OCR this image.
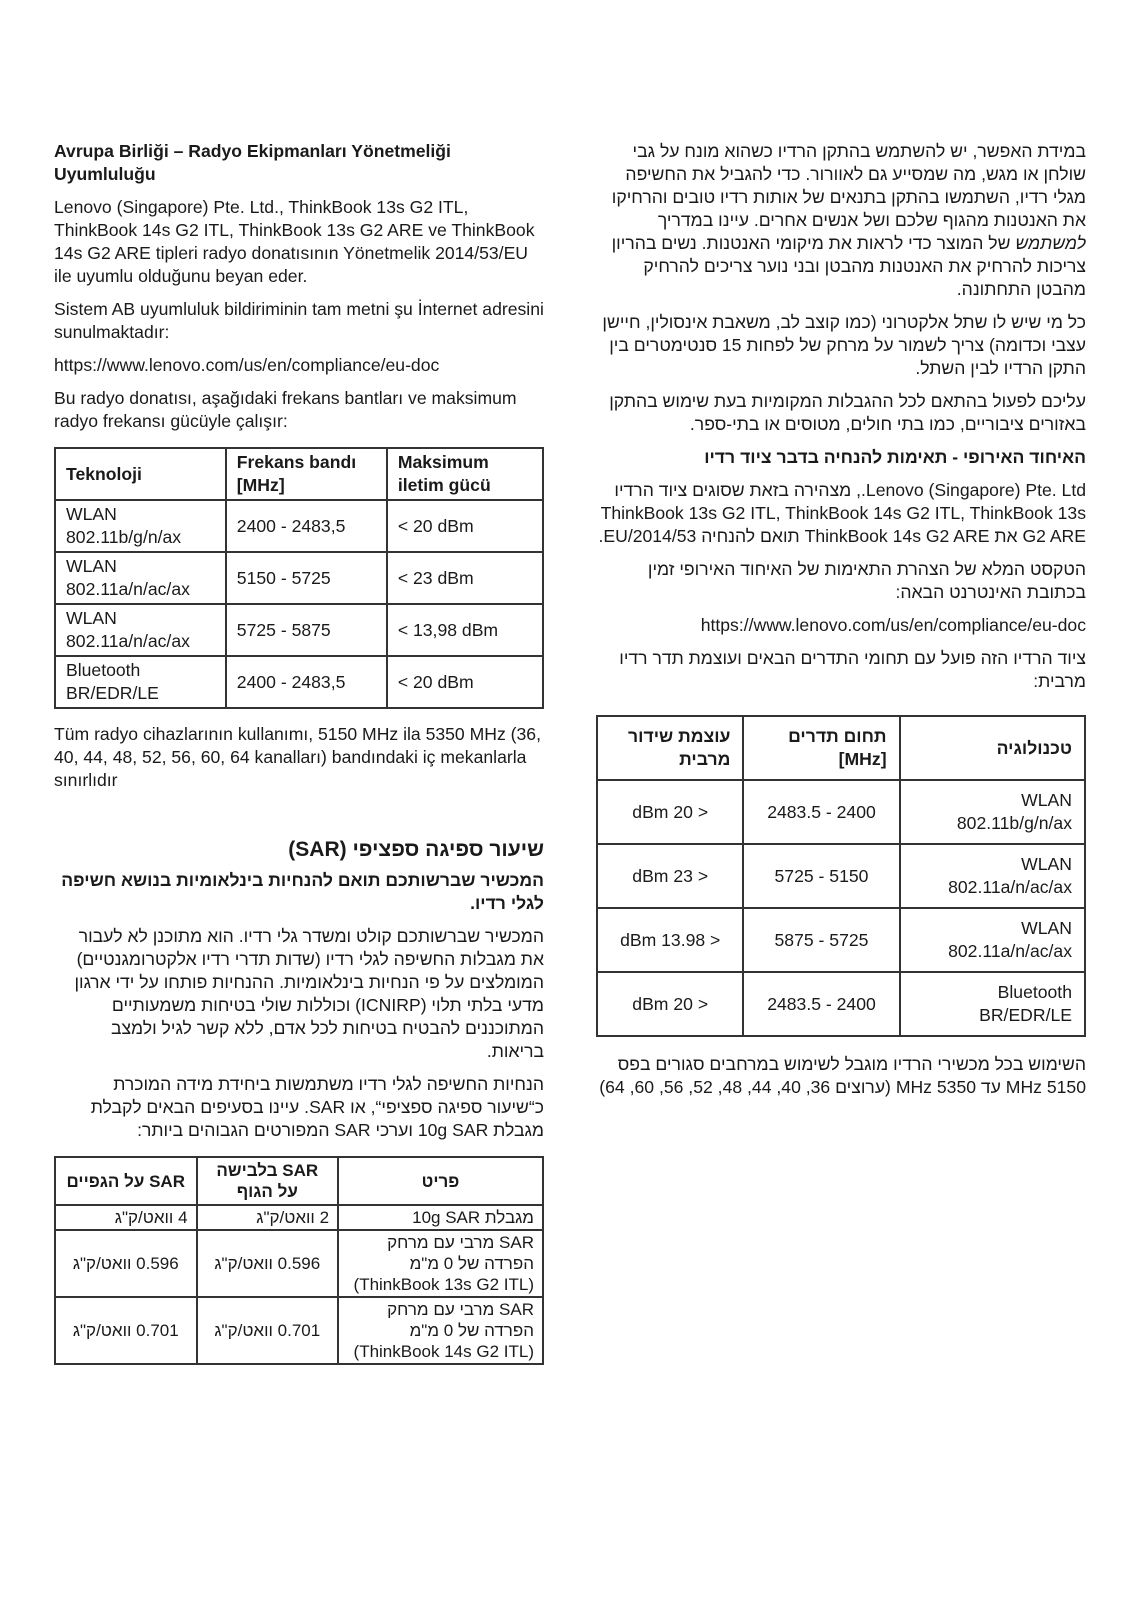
Avrupa Birliği – Radyo Ekipmanları Yönetmeliği Uyumluluğu

Lenovo (Singapore) Pte. Ltd., ThinkBook 13s G2 ITL, ThinkBook 14s G2 ITL, ThinkBook 13s G2 ARE ve ThinkBook 14s G2 ARE tipleri radyo donatısının Yönetmelik 2014/53/EU ile uyumlu olduğunu beyan eder.

Sistem AB uyumluluk bildiriminin tam metni şu İnternet adresini sunulmaktadır:

https://www.lenovo.com/us/en/compliance/eu-doc

Bu radyo donatısı, aşağıdaki frekans bantları ve maksimum radyo frekansı gücüyle çalışır:

Teknoloji	Frekans bandı [MHz]	Maksimum iletim gücü
WLAN 802.11b/g/n/ax	2400 - 2483,5	< 20 dBm
WLAN 802.11a/n/ac/ax	5150 - 5725	< 23 dBm
WLAN 802.11a/n/ac/ax	5725 - 5875	< 13,98 dBm
Bluetooth BR/EDR/LE	2400 - 2483,5	< 20 dBm

Tüm radyo cihazlarının kullanımı, 5150 MHz ila 5350 MHz (36, 40, 44, 48, 52, 56, 60, 64 kanalları) bandındaki iç mekanlarla sınırlıdır

שיעור ספיגה ספציפי (SAR)

המכשיר שברשותכם תואם להנחיות בינלאומיות בנושא חשיפה לגלי רדיו.

המכשיר שברשותכם קולט ומשדר גלי רדיו. הוא מתוכנן לא לעבור את מגבלות החשיפה לגלי רדיו (שדות תדרי רדיו אלקטרומגנטיים) המומלצים על פי הנחיות בינלאומיות. ההנחיות פותחו על ידי ארגון מדעי בלתי תלוי (ICNIRP) וכוללות שולי בטיחות משמעותיים המתוכננים להבטיח בטיחות לכל אדם, ללא קשר לגיל ולמצב בריאות.

הנחיות החשיפה לגלי רדיו משתמשות ביחידת מידה המוכרת כ“שיעור ספיגה ספציפי“, או SAR. עיינו בסעיפים הבאים לקבלת מגבלת 10g SAR וערכי SAR המפורטים הגבוהים ביותר:

פריט	SAR בלבישה על הגוף	SAR על הגפיים
מגבלת 10g SAR	2 וואט/ק"ג	4 וואט/ק"ג
SAR מרבי עם מרחק הפרדה של 0 מ"מ (ThinkBook 13s G2 ITL)	0.596 וואט/ק"ג	0.596 וואט/ק"ג
SAR מרבי עם מרחק הפרדה של 0 מ"מ (ThinkBook 14s G2 ITL)	0.701 וואט/ק"ג	0.701 וואט/ק"ג

במידת האפשר, יש להשתמש בהתקן הרדיו כשהוא מונח על גבי שולחן או מגש, מה שמסייע גם לאוורור. כדי להגביל את החשיפה מגלי רדיו, השתמשו בהתקן בתנאים של אותות רדיו טובים והרחיקו את האנטנות מהגוף שלכם ושל אנשים אחרים. עיינו במדריך למשתמש של המוצר כדי לראות את מיקומי האנטנות. נשים בהריון צריכות להרחיק את האנטנות מהבטן ובני נוער צריכים להרחיק מהבטן התחתונה.

כל מי שיש לו שתל אלקטרוני (כמו קוצב לב, משאבת אינסולין, חיישן עצבי וכדומה) צריך לשמור על מרחק של לפחות 15 סנטימטרים בין התקן הרדיו לבין השתל.

עליכם לפעול בהתאם לכל ההגבלות המקומיות בעת שימוש בהתקן באזורים ציבוריים, כמו בתי חולים, מטוסים או בתי-ספר.

האיחוד האירופי - תאימות להנחיה בדבר ציוד רדיו

Lenovo (Singapore) Pte. Ltd., מצהירה בזאת שסוגים ציוד הרדיו ThinkBook 13s G2 ITL, ThinkBook 14s G2 ITL, ThinkBook 13s G2 ARE את ThinkBook 14s G2 ARE תואם להנחיה 2014/53/EU.

הטקסט המלא של הצהרת התאימות של האיחוד האירופי זמין בכתובת האינטרנט הבאה:

https://www.lenovo.com/us/en/compliance/eu-doc

ציוד הרדיו הזה פועל עם תחומי התדרים הבאים ועוצמת תדר רדיו מרבית:

טכנולוגיה	תחום תדרים [MHz]	עוצמת שידור מרבית
WLAN 802.11b/g/n/ax	2400 - 2483.5	< 20 dBm
WLAN 802.11a/n/ac/ax	5150 - 5725	< 23 dBm
WLAN 802.11a/n/ac/ax	5725 - 5875	< 13.98 dBm
Bluetooth BR/EDR/LE	2400 - 2483.5	< 20 dBm

השימוש בכל מכשירי הרדיו מוגבל לשימוש במרחבים סגורים בפס 5150 MHz עד 5350 MHz (ערוצים 36, 40, 44, 48, 52, 56, 60, 64)
